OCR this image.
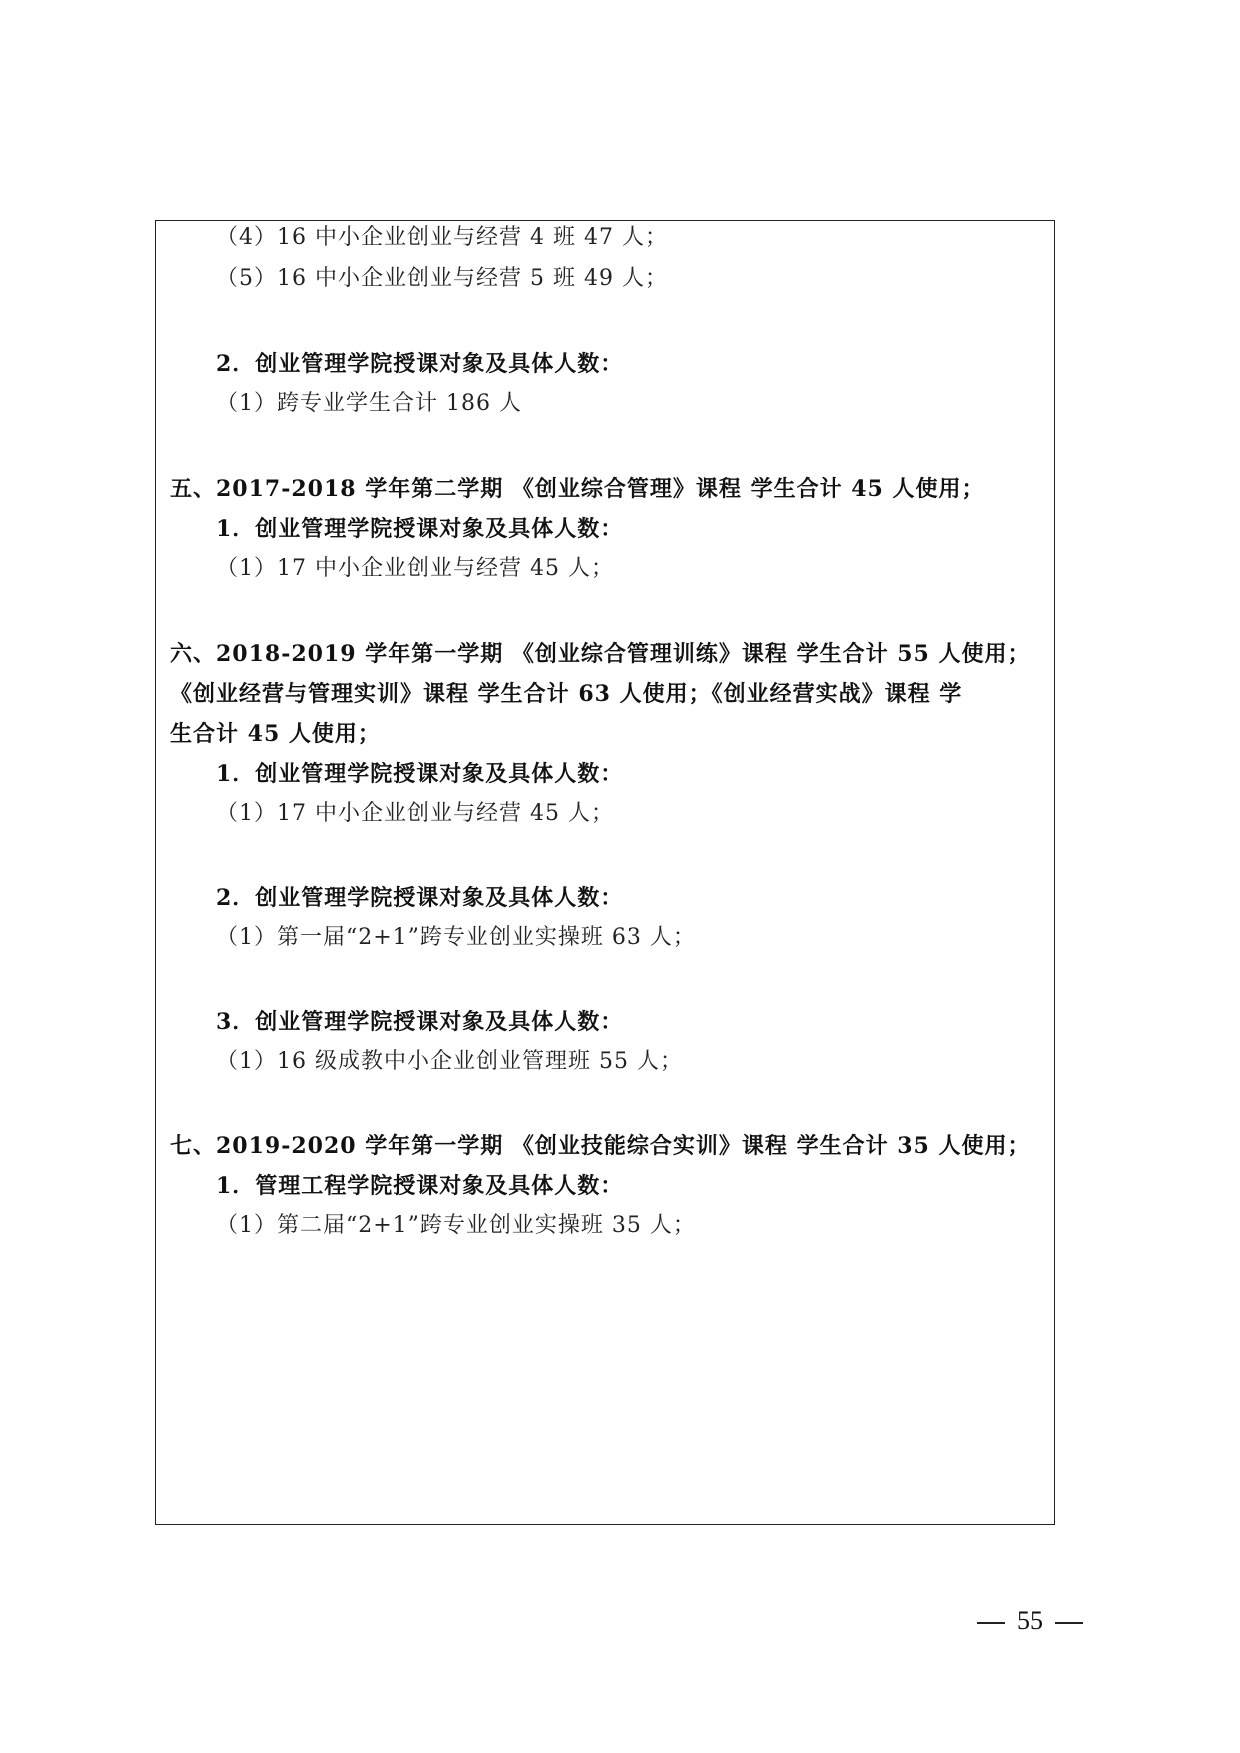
（4）16 中小企业创业与经营 4 班 47 人；
（5）16 中小企业创业与经营 5 班 49 人；
2．创业管理学院授课对象及具体人数：
（1）跨专业学生合计 186 人
五、2017-2018 学年第二学期 《创业综合管理》课程 学生合计 45 人使用；
1．创业管理学院授课对象及具体人数：
（1）17 中小企业创业与经营 45 人；
六、2018-2019 学年第一学期 《创业综合管理训练》课程 学生合计 55 人使用；
《创业经营与管理实训》课程 学生合计 63 人使用；《创业经营实战》课程 学
生合计 45 人使用；
1．创业管理学院授课对象及具体人数：
（1）17 中小企业创业与经营 45 人；
2．创业管理学院授课对象及具体人数：
（1）第一届“2+1”跨专业创业实操班 63 人；
3．创业管理学院授课对象及具体人数：
（1）16 级成教中小企业创业管理班 55 人；
七、2019-2020 学年第一学期 《创业技能综合实训》课程 学生合计 35 人使用；
1．管理工程学院授课对象及具体人数：
（1）第二届“2+1”跨专业创业实操班 35 人；
55
